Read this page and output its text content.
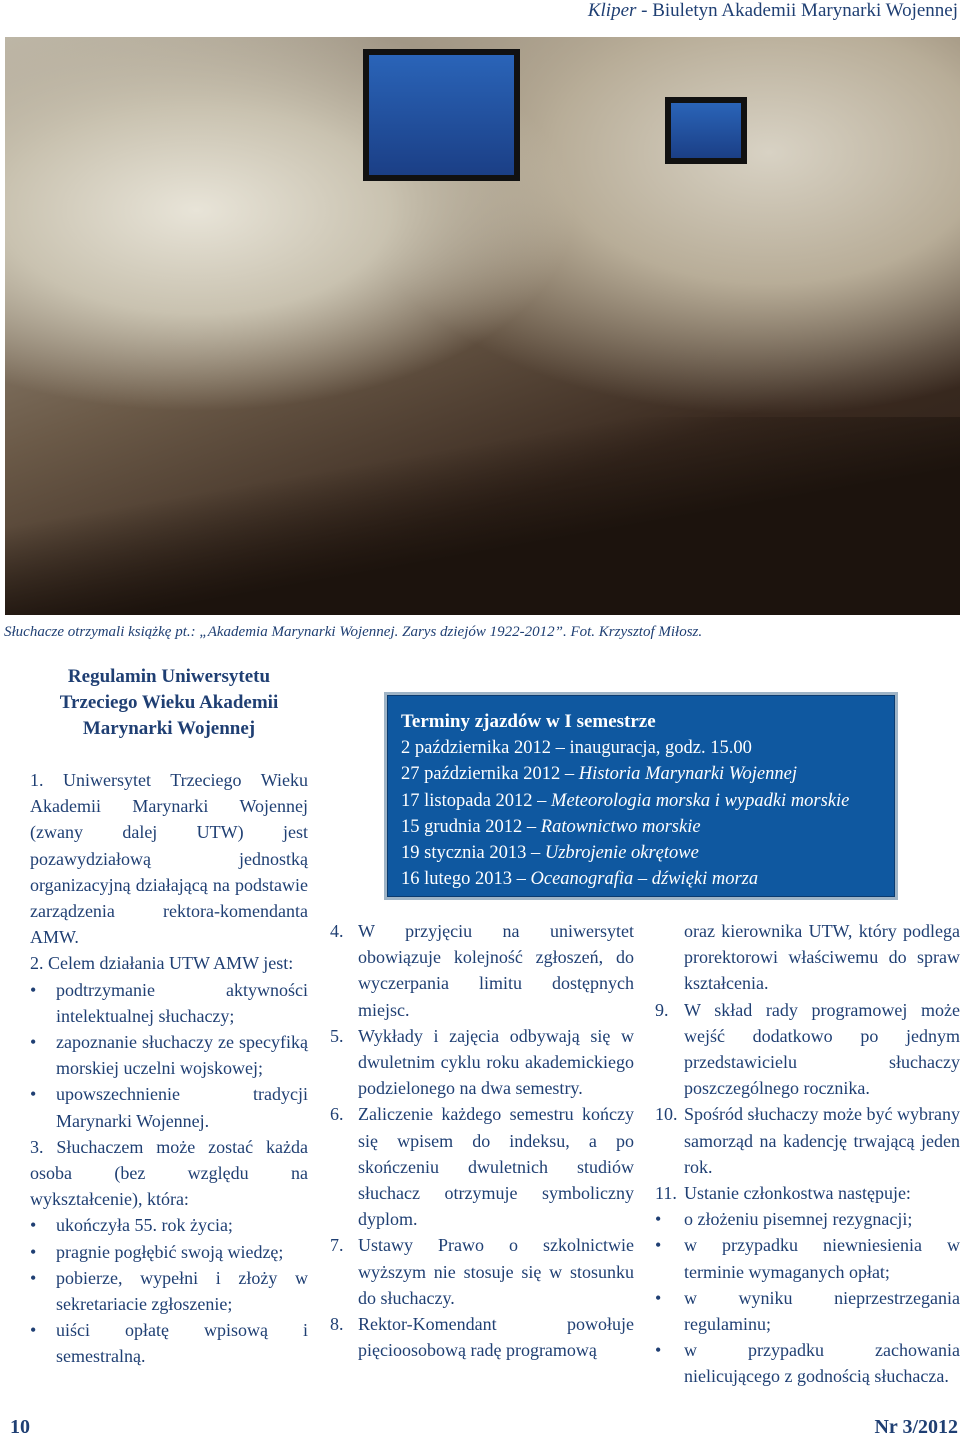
Kliper - Biuletyn Akademii Marynarki Wojennej
Słuchacze otrzymali książkę pt.: „Akademia Marynarki Wojennej. Zarys dziejów 1922-2012”. Fot. Krzysztof Miłosz.
Regulamin Uniwersytetu Trzeciego Wieku Akademii Marynarki Wojennej

1. Uniwersytet Trzeciego Wieku Akademii Marynarki Wojennej (zwany dalej UTW) jest pozawydziałową jednostką organizacyjną działającą na podstawie zarządzenia rektora-komendanta AMW.

2. Celem działania UTW AMW jest:

• podtrzymanie aktywności intelektualnej słuchaczy;
• zapoznanie słuchaczy ze specyfiką morskiej uczelni wojskowej;
• upowszechnienie tradycji Marynarki Wojennej.

3. Słuchaczem może zostać każda osoba (bez względu na wykształcenie), która:

• ukończyła 55. rok życia;
• pragnie pogłębić swoją wiedzę;
• pobierze, wypełni i złoży w sekretariacie zgłoszenie;
• uiści opłatę wpisową i semestralną.
Terminy zjazdów w I semestrze
2 października 2012 – inauguracja, godz. 15.00
27 października 2012 – Historia Marynarki Wojennej
17 listopada 2012 – Meteorologia morska i wypadki morskie
15 grudnia 2012 – Ratownictwo morskie
19 stycznia 2013 – Uzbrojenie okrętowe
16 lutego 2013 – Oceanografia – dźwięki morza
4. W przyjęciu na uniwersytet obowiązuje kolejność zgłoszeń, do wyczerpania limitu dostępnych miejsc.
5. Wykłady i zajęcia odbywają się w dwuletnim cyklu roku akademickiego podzielonego na dwa semestry.
6. Zaliczenie każdego semestru kończy się wpisem do indeksu, a po skończeniu dwuletnich studiów słuchacz otrzymuje symboliczny dyplom.
7. Ustawy Prawo o szkolnictwie wyższym nie stosuje się w stosunku do słuchaczy.
8. Rektor-Komendant powołuje pięcioosobową radę programową

oraz kierownika UTW, który podlega prorektorowi właściwemu do spraw kształcenia.

9. W skład rady programowej może wejść dodatkowo po jednym przedstawicielu słuchaczy poszczególnego rocznika.
10. Spośród słuchaczy może być wybrany samorząd na kadencję trwającą jeden rok.
11. Ustanie członkostwa następuje:
• o złożeniu pisemnej rezygnacji;
• w przypadku niewniesienia w terminie wymaganych opłat;
• w wyniku nieprzestrzegania regulaminu;
• w przypadku zachowania nielicującego z godnością słuchacza.
10	Nr 3/2012
